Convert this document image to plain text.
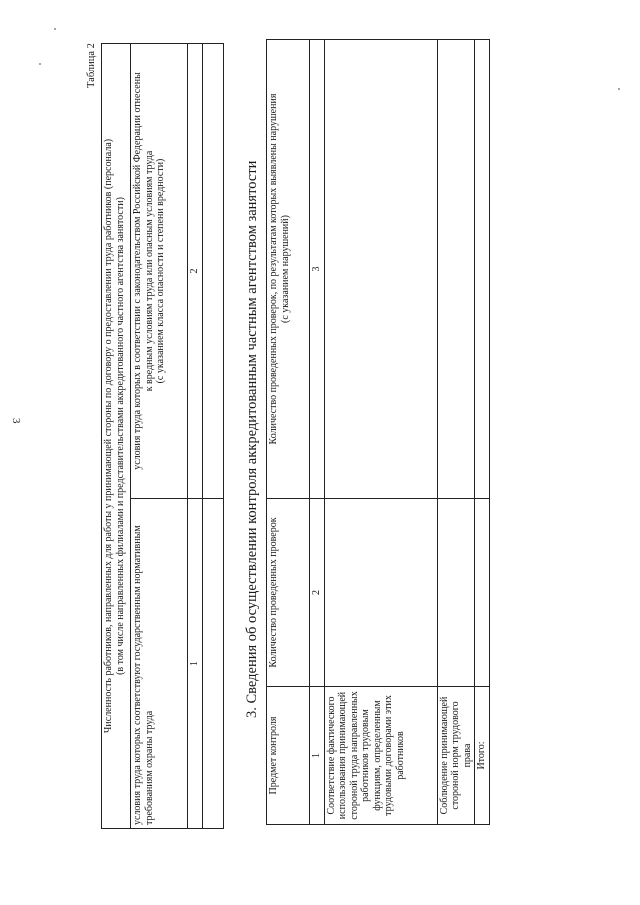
3
Таблица 2
Численность работников, направленных для работы у принимающей стороны по договору о предоставлении труда работников (персонала)
(в том числе направленных филиалами и представительствами аккредитованного частного агентства занятости)	
условия труда которых соответствуют государственным нормативным требованиям охраны труда	условия труда которых в соответствии с законодательством Российской Федерации отнесены
к вредным условиям труда или опасным условиям труда
(с указанием класса опасности и степени вредности)
1	2
		3. Сведения об осуществлении контроля аккредитованным частным агентством занятости
Предмет контроля	Количество проведенных проверок	Количество проведенных проверок, по результатам которых выявлены нарушения
(с указанием нарушений)
1	2	3
Соответствие фактического использования принимающей стороной труда направленных работников трудовым функциям, определенным трудовыми договорами этих работников		
Соблюдение принимающей стороной норм трудового права		
Итого:		
